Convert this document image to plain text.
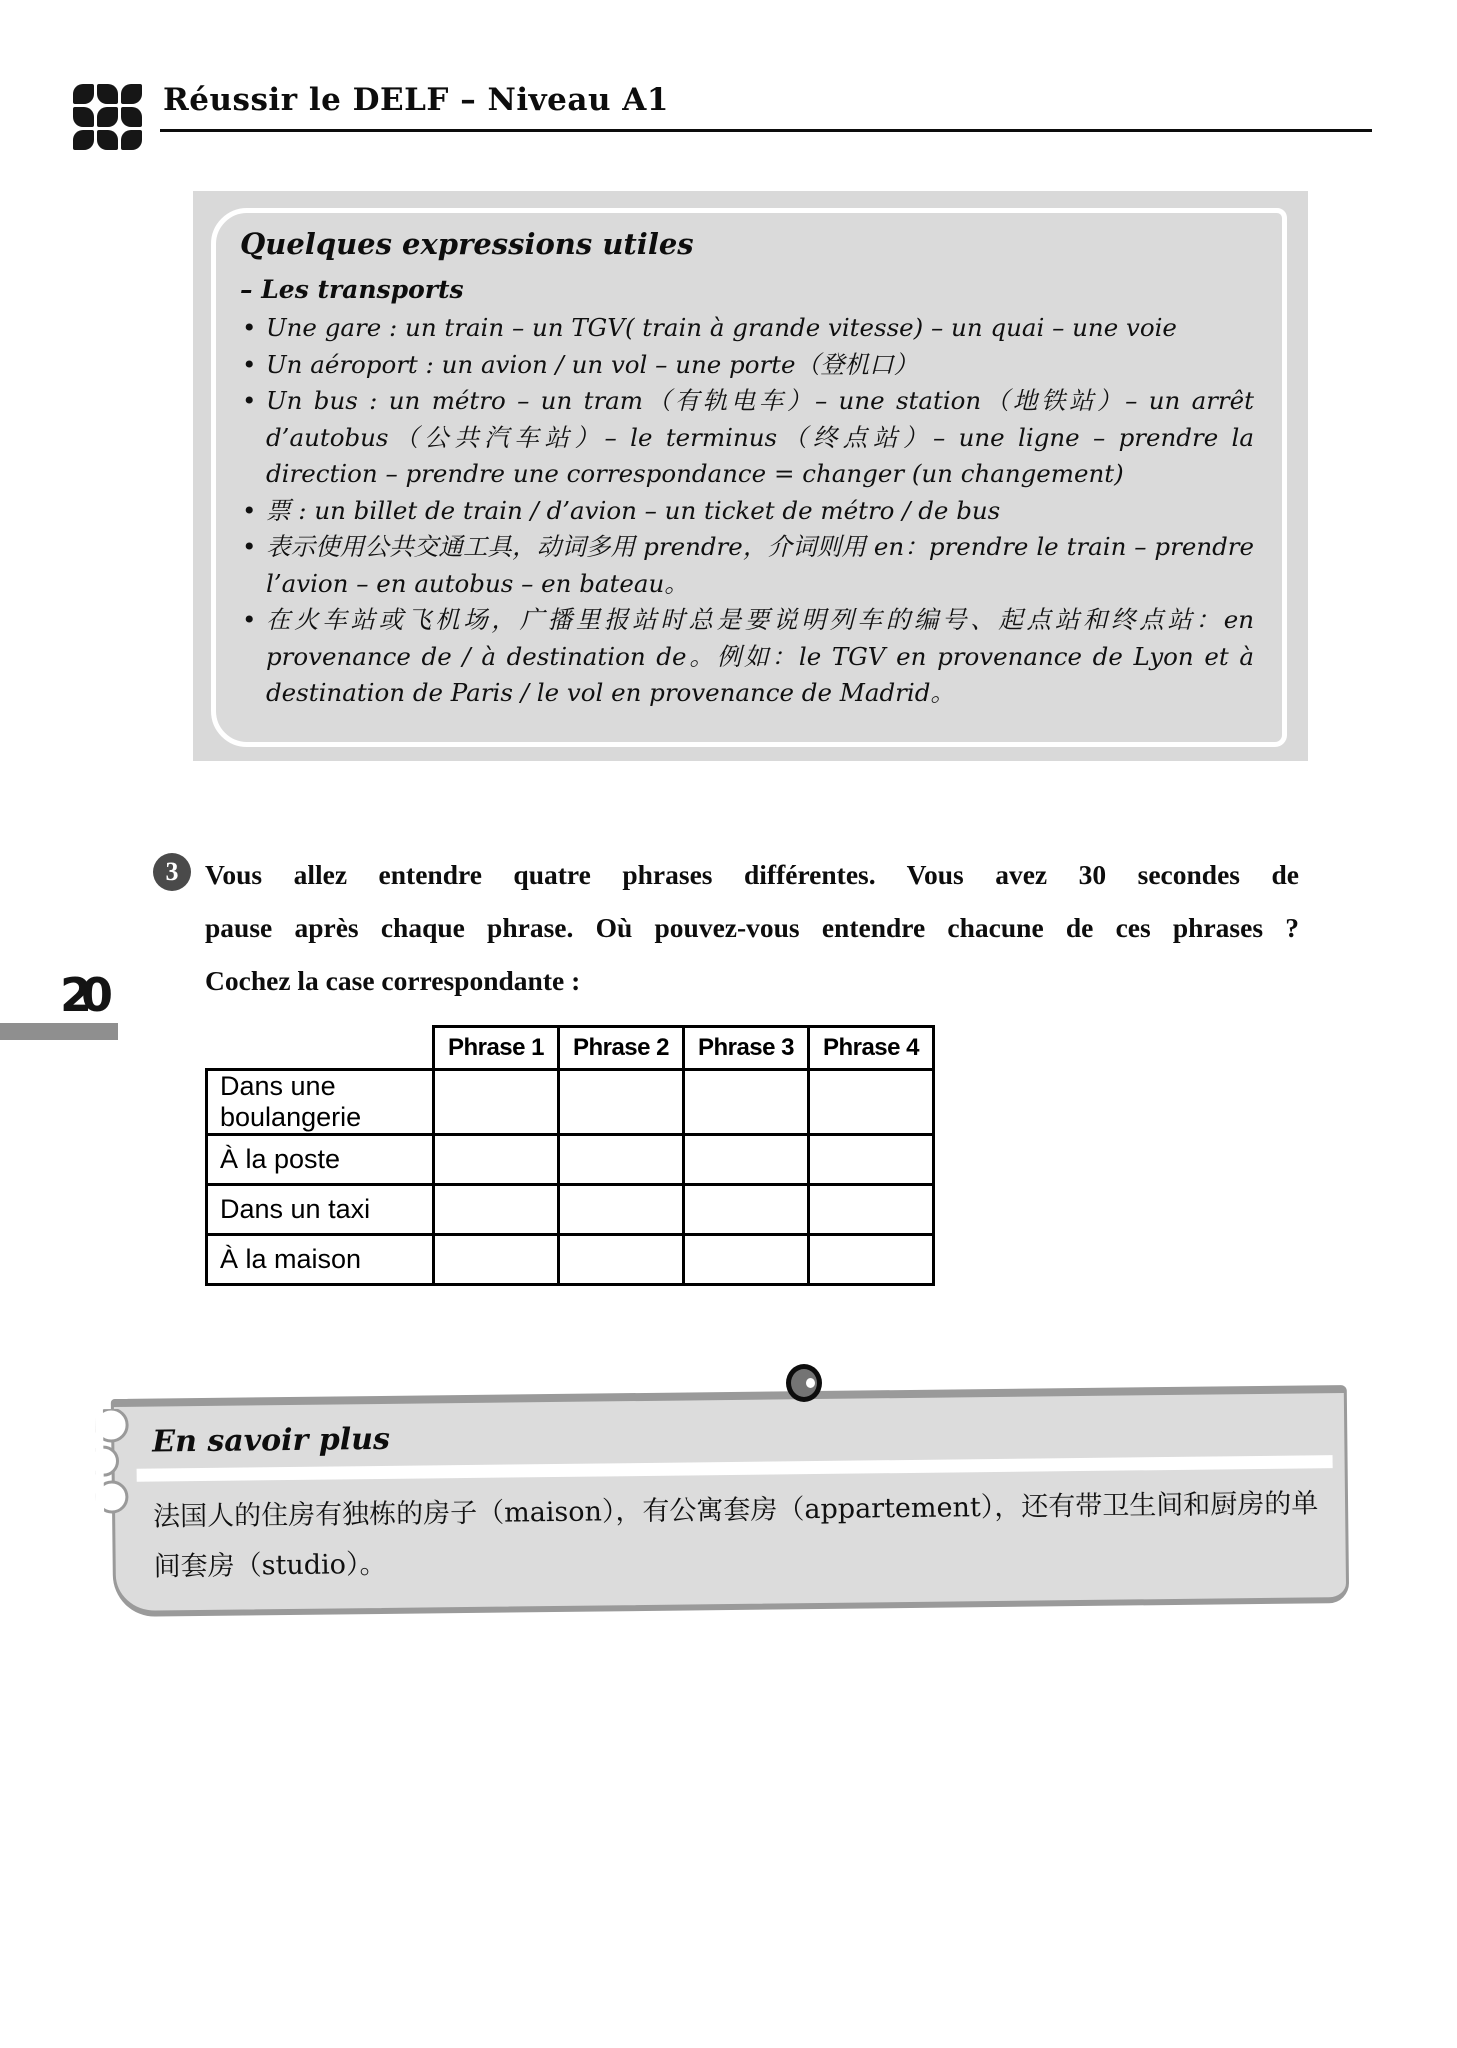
Réussir le DELF – Niveau A1
Quelques expressions utiles
– Les transports
• Une gare : un train – un TGV( train à grande vitesse) – un quai – une voie
• Un aéroport : un avion / un vol – une porte（登机口）
• Un bus : un métro – un tram（有轨电车）– une station（地铁站）– un arrêt d’autobus（公共汽车站）– le terminus（终点站）– une ligne – prendre la direction – prendre une correspondance = changer (un changement)
• 票 : un billet de train / d’avion – un ticket de métro / de bus
• 表示使用公共交通工具，动词多用 prendre，介词则用 en：prendre le train – prendre l’avion – en autobus – en bateau。
• 在火车站或飞机场，广播里报站时总是要说明列车的编号、起点站和终点站：en provenance de / à destination de。例如：le TGV en provenance de Lyon et à destination de Paris / le vol en provenance de Madrid。
3 Vous allez entendre quatre phrases différentes. Vous avez 30 secondes de
pause après chaque phrase. Où pouvez-vous entendre chacune de ces phrases ?
Cochez la case correspondante :
20
	Phrase 1	Phrase 2	Phrase 3	Phrase 4
Dans une boulangerie				
À la poste				
Dans un taxi				
À la maison				
En savoir plus
法国人的住房有独栋的房子（maison），有公寓套房（appartement），还有带卫生间和厨房的单间套房（studio）。
